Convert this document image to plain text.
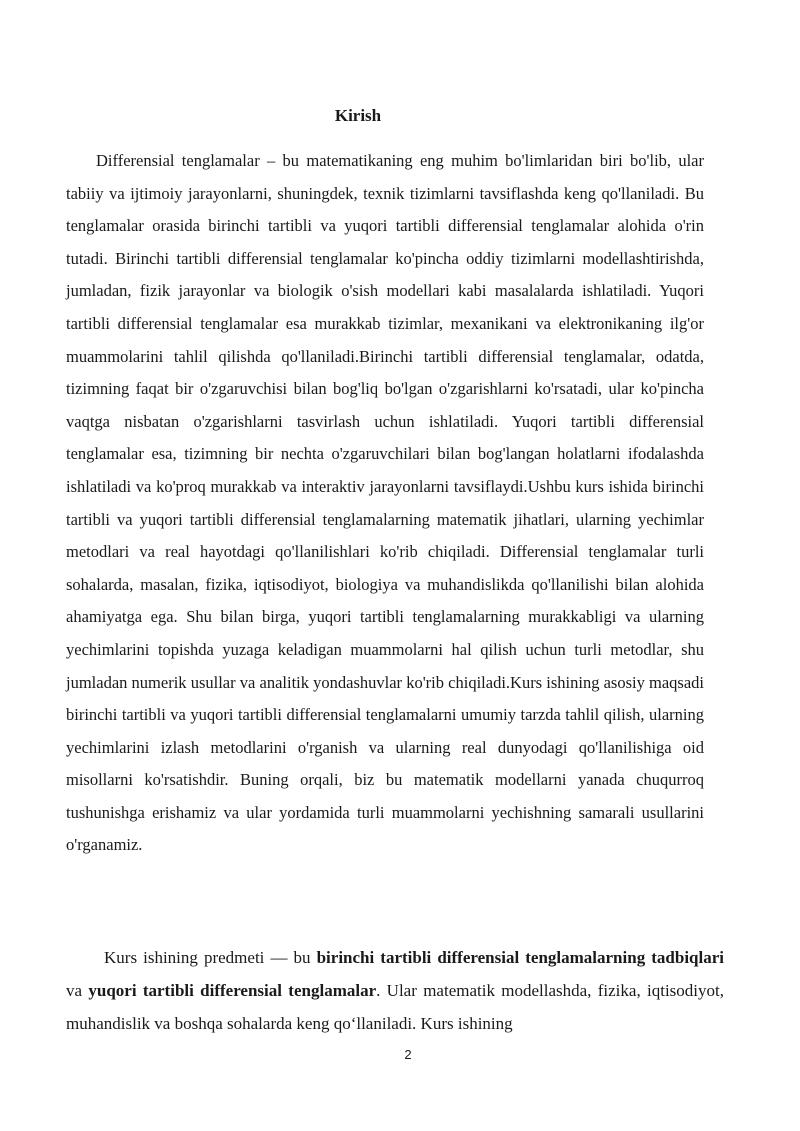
Kirish

Differensial tenglamalar – bu matematikaning eng muhim bo'limlaridan biri bo'lib, ular tabiiy va ijtimoiy jarayonlarni, shuningdek, texnik tizimlarni tavsiflashda keng qo'llaniladi. Bu tenglamalar orasida birinchi tartibli va yuqori tartibli differensial tenglamalar alohida o'rin tutadi. Birinchi tartibli differensial tenglamalar ko'pincha oddiy tizimlarni modellashtirishda, jumladan, fizik jarayonlar va biologik o'sish modellari kabi masalalarda ishlatiladi. Yuqori tartibli differensial tenglamalar esa murakkab tizimlar, mexanikani va elektronikaning ilg'or muammolarini tahlil qilishda qo'llaniladi.Birinchi tartibli differensial tenglamalar, odatda, tizimning faqat bir o'zgaruvchisi bilan bog'liq bo'lgan o'zgarishlarni ko'rsatadi, ular ko'pincha vaqtga nisbatan o'zgarishlarni tasvirlash uchun ishlatiladi. Yuqori tartibli differensial tenglamalar esa, tizimning bir nechta o'zgaruvchilari bilan bog'langan holatlarni ifodalashda ishlatiladi va ko'proq murakkab va interaktiv jarayonlarni tavsiflaydi.Ushbu kurs ishida birinchi tartibli va yuqori tartibli differensial tenglamalarning matematik jihatlari, ularning yechimlar metodlari va real hayotdagi qo'llanilishlari ko'rib chiqiladi. Differensial tenglamalar turli sohalarda, masalan, fizika, iqtisodiyot, biologiya va muhandislikda qo'llanilishi bilan alohida ahamiyatga ega. Shu bilan birga, yuqori tartibli tenglamalarning murakkabligi va ularning yechimlarini topishda yuzaga keladigan muammolarni hal qilish uchun turli metodlar, shu jumladan numerik usullar va analitik yondashuvlar ko'rib chiqiladi.Kurs ishining asosiy maqsadi birinchi tartibli va yuqori tartibli differensial tenglamalarni umumiy tarzda tahlil qilish, ularning yechimlarini izlash metodlarini o'rganish va ularning real dunyodagi qo'llanilishiga oid misollarni ko'rsatishdir. Buning orqali, biz bu matematik modellarni yanada chuqurroq tushunishga erishamiz va ular yordamida turli muammolarni yechishning samarali usullarini o'rganamiz.

Kurs ishining predmeti — bu birinchi tartibli differensial tenglamalarning tadbiqlari va yuqori tartibli differensial tenglamalar. Ular matematik modellashda, fizika, iqtisodiyot, muhandislik va boshqa sohalarda keng qo‘llaniladi. Kurs ishining

2
